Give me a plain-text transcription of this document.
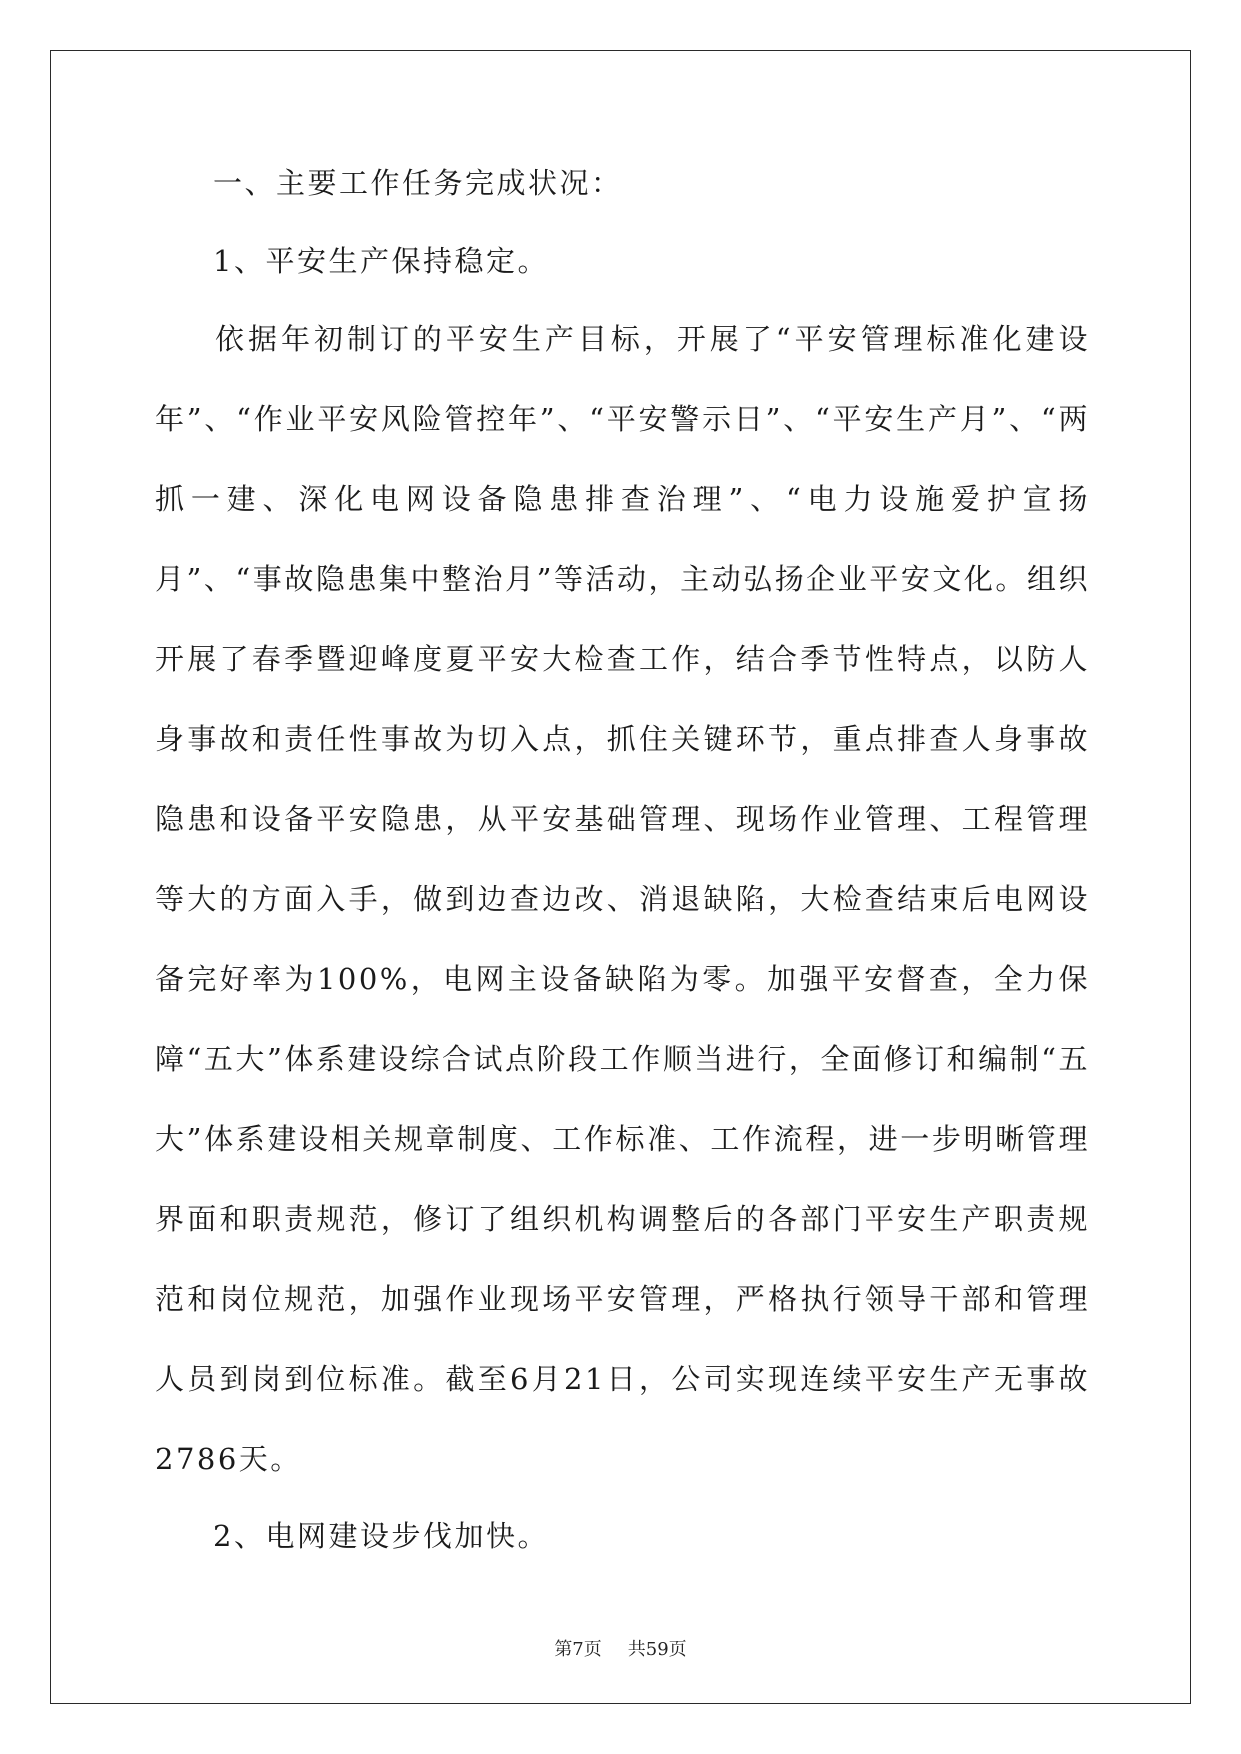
一、主要工作任务完成状况：

1、平安生产保持稳定。

依据年初制订的平安生产目标，开展了“平安管理标准化建设年”、“作业平安风险管控年”、“平安警示日”、“平安生产月”、“两抓一建、深化电网设备隐患排查治理”、“电力设施爱护宣扬月”、“事故隐患集中整治月”等活动，主动弘扬企业平安文化。组织开展了春季暨迎峰度夏平安大检查工作，结合季节性特点，以防人身事故和责任性事故为切入点，抓住关键环节，重点排查人身事故隐患和设备平安隐患，从平安基础管理、现场作业管理、工程管理等大的方面入手，做到边查边改、消退缺陷，大检查结束后电网设备完好率为100%，电网主设备缺陷为零。加强平安督查，全力保障“五大”体系建设综合试点阶段工作顺当进行，全面修订和编制“五大”体系建设相关规章制度、工作标准、工作流程，进一步明晰管理界面和职责规范，修订了组织机构调整后的各部门平安生产职责规范和岗位规范，加强作业现场平安管理，严格执行领导干部和管理人员到岗到位标准。截至6月21日，公司实现连续平安生产无事故2786天。

2、电网建设步伐加快。

第7页 共59页
